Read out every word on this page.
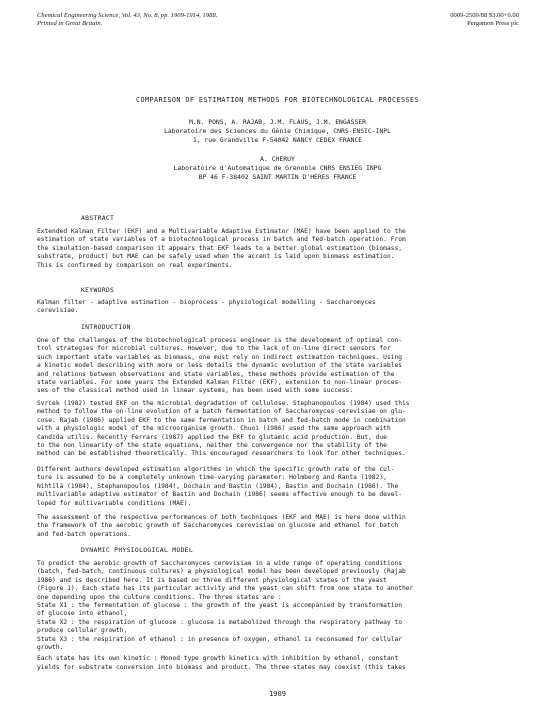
Chemical Engineering Science, Vol. 43, No. 8, pp. 1909-1914, 1988.
Printed in Great Britain.
0009-2509/88 $3.00+0.00
Pergamon Press plc
COMPARISON OF ESTIMATION METHODS FOR BIOTECHNOLOGICAL PROCESSES
M.N. PONS, A. RAJAB, J.M. FLAUS, J.M. ENGASSER
Laboratoire des Sciences du Génie Chimique, CNRS-ENSIC-INPL
1, rue Grandville F-54042 NANCY CEDEX FRANCE
A. CHERUY
Laboratoire d'Automatique de Grenoble CNRS ENSIEG INPG
BP 46 F-38402 SAINT MARTIN D'HERES FRANCE
ABSTRACT
Extended Kalman Filter (EKF) and a Multivariable Adaptive Estimator (MAE) have been applied to the
estimation of state variables of a biotechnological process in batch and fed-batch operation. From
the simulation-based comparison it appears that EKF leads to a better global estimation (biomass,
substrate, product) but MAE can be safely used when the accent is laid upon biomass estimation.
This is confirmed by comparison on real experiments.
KEYWORDS
Kalman filter - adaptive estimation - bioprocess - physiological modelling - Saccharomyces
cerevisiae.
INTRODUCTION
One of the challenges of the biotechnological process engineer is the development of optimal con-
trol strategies for microbial cultures. However, due to the lack of on-line direct sensors for
such important state variables as biomass, one must rely on indirect estimation techniques. Using
a kinetic model describing with more or less details the dynamic evolution of the state variables
and relations between observations and state variables, these methods provide estimation of the
state variables. For some years the Extended Kalman Filter (EKF), extension to non-linear proces-
ses of the classical method used in linear systems, has been used with some success.
Svrcek (1982) tested EKF on the microbial degradation of cellulose. Stephanopoulos (1984) used this
method to follow the on-line evolution of a batch fermentation of Saccharomyces cerevisiae on glu-
cose. Rajab (1986) applied EKF to the same fermentation in batch and fed-batch mode in combination
with a physiologic model of the microorganism growth. Chuoi (1986) used the same approach with
Candida utilis. Recently Ferrars (1987) applied the EKF to glutamic acid production. But, due
to the non linearity of the state equations, neither the convergence nor the stability of the
method can be established theoretically. This encouraged researchers to look for other techniques.
Different authors developed estimation algorithms in which the specific growth rate of the cul-
ture is assumed to be a completely unknown time-varying parameter: Holmberg and Ranta (1982),
Nihtilä (1984), Stephanopoulos (1984), Dochain and Bastin (1984), Bastin and Dochain (1986). The
multivariable adaptive estimator of Bastin and Dochain (1986) seems effective enough to be devel-
loped for multivariable conditions (MAE).
The assessment of the respective performances of both techniques (EKF and MAE) is here done within
the framework of the aerobic growth of Saccharomyces cerevisiae on glucose and ethanol for batch
and fed-batch operations.
DYNAMIC PHYSIOLOGICAL MODEL
To predict the aerobic growth of Saccharomyces cerevisiae in a wide range of operating conditions
(batch, fed-batch, continuous cultures) a physiological model has been developed previously (Rajab
1986) and is described here. It is based on three different physiological states of the yeast
(Figure 1). Each state has its particular activity and the yeast can shift from one state to another
one depending upon the culture conditions. The three states are :
State X1 : the fermentation of glucose : the growth of the yeast is accompanied by transformation
of glucose into ethanol,
State X2 : the respiration of glucose : glucose is metabolized through the respiratory pathway to
produce cellular growth,
State X3 : the respiration of ethanol : in presence of oxygen, ethanol is reconsumed for cellular
growth.
Each state has its own kinetic : Monod type growth kinetics with inhibition by ethanol, constant
yields for substrate conversion into biomass and product. The three states may coexist (this takes
1909
